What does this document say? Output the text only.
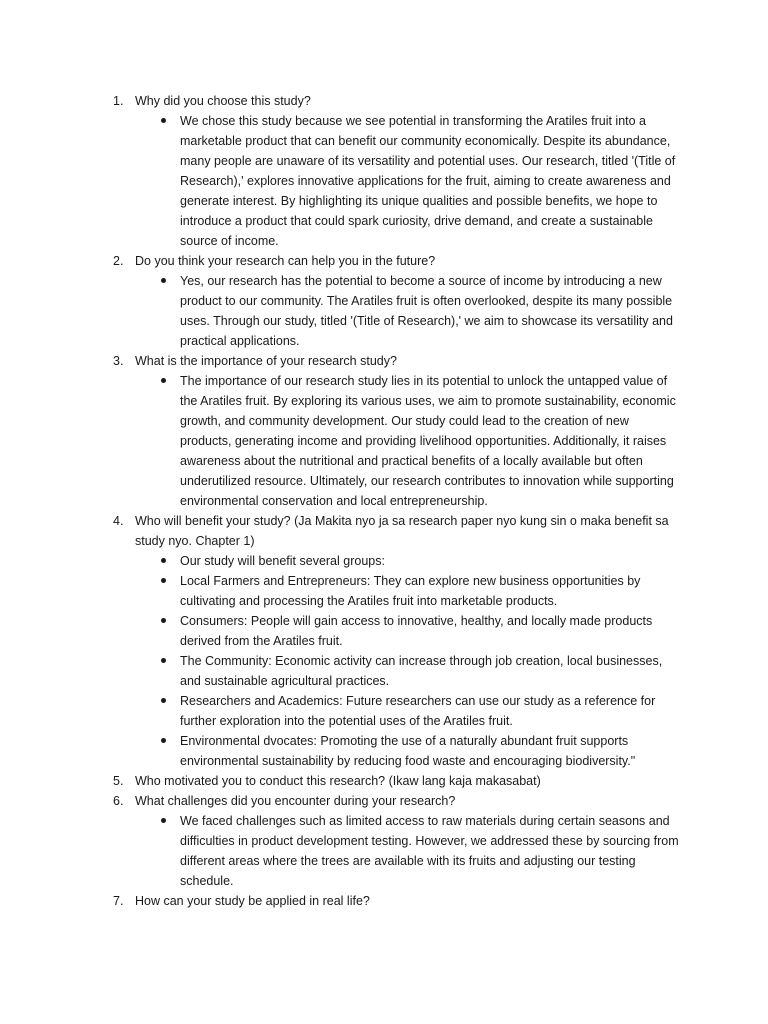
1. Why did you choose this study?
We chose this study because we see potential in transforming the Aratiles fruit into a marketable product that can benefit our community economically. Despite its abundance, many people are unaware of its versatility and potential uses. Our research, titled '(Title of Research),' explores innovative applications for the fruit, aiming to create awareness and generate interest. By highlighting its unique qualities and possible benefits, we hope to introduce a product that could spark curiosity, drive demand, and create a sustainable source of income.
2. Do you think your research can help you in the future?
Yes, our research has the potential to become a source of income by introducing a new product to our community. The Aratiles fruit is often overlooked, despite its many possible uses. Through our study, titled '(Title of Research),' we aim to showcase its versatility and practical applications.
3. What is the importance of your research study?
The importance of our research study lies in its potential to unlock the untapped value of the Aratiles fruit. By exploring its various uses, we aim to promote sustainability, economic growth, and community development. Our study could lead to the creation of new products, generating income and providing livelihood opportunities. Additionally, it raises awareness about the nutritional and practical benefits of a locally available but often underutilized resource. Ultimately, our research contributes to innovation while supporting environmental conservation and local entrepreneurship.
4. Who will benefit your study? (Ja Makita nyo ja sa research paper nyo kung sin o maka benefit sa study nyo. Chapter 1)
Our study will benefit several groups:
Local Farmers and Entrepreneurs: They can explore new business opportunities by cultivating and processing the Aratiles fruit into marketable products.
Consumers: People will gain access to innovative, healthy, and locally made products derived from the Aratiles fruit.
The Community: Economic activity can increase through job creation, local businesses, and sustainable agricultural practices.
Researchers and Academics: Future researchers can use our study as a reference for further exploration into the potential uses of the Aratiles fruit.
Environmental dvocates: Promoting the use of a naturally abundant fruit supports environmental sustainability by reducing food waste and encouraging biodiversity."
5. Who motivated you to conduct this research? (Ikaw lang kaja makasabat)
6. What challenges did you encounter during your research?
We faced challenges such as limited access to raw materials during certain seasons and difficulties in product development testing. However, we addressed these by sourcing from different areas where the trees are available with its fruits and adjusting our testing schedule.
7. How can your study be applied in real life?
